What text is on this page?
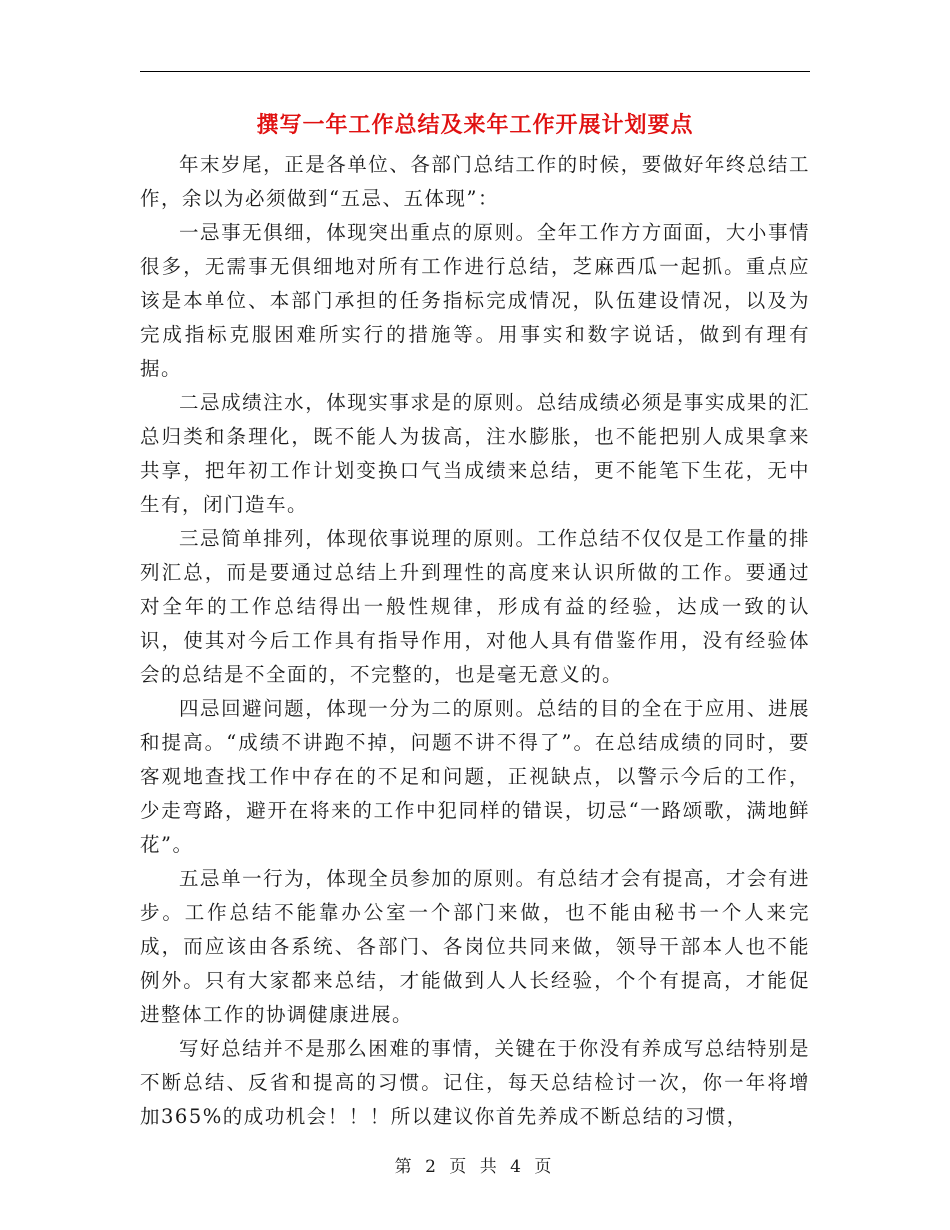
撰写一年工作总结及来年工作开展计划要点

年末岁尾，正是各单位、各部门总结工作的时候，要做好年终总结工作，余以为必须做到“五忌、五体现”：

一忌事无俱细，体现突出重点的原则。全年工作方方面面，大小事情很多，无需事无俱细地对所有工作进行总结，芝麻西瓜一起抓。重点应该是本单位、本部门承担的任务指标完成情况，队伍建设情况，以及为完成指标克服困难所实行的措施等。用事实和数字说话，做到有理有据。

二忌成绩注水，体现实事求是的原则。总结成绩必须是事实成果的汇总归类和条理化，既不能人为拔高，注水膨胀，也不能把别人成果拿来共享，把年初工作计划变换口气当成绩来总结，更不能笔下生花，无中生有，闭门造车。

三忌简单排列，体现依事说理的原则。工作总结不仅仅是工作量的排列汇总，而是要通过总结上升到理性的高度来认识所做的工作。要通过对全年的工作总结得出一般性规律，形成有益的经验，达成一致的认识，使其对今后工作具有指导作用，对他人具有借鉴作用，没有经验体会的总结是不全面的，不完整的，也是毫无意义的。

四忌回避问题，体现一分为二的原则。总结的目的全在于应用、进展和提高。“成绩不讲跑不掉，问题不讲不得了”。在总结成绩的同时，要客观地查找工作中存在的不足和问题，正视缺点，以警示今后的工作，少走弯路，避开在将来的工作中犯同样的错误，切忌“一路颂歌，满地鲜花”。

五忌单一行为，体现全员参加的原则。有总结才会有提高，才会有进步。工作总结不能靠办公室一个部门来做，也不能由秘书一个人来完成，而应该由各系统、各部门、各岗位共同来做，领导干部本人也不能例外。只有大家都来总结，才能做到人人长经验，个个有提高，才能促进整体工作的协调健康进展。

写好总结并不是那么困难的事情，关键在于你没有养成写总结特别是不断总结、反省和提高的习惯。记住，每天总结检讨一次，你一年将增加365%的成功机会！！！所以建议你首先养成不断总结的习惯，

第 2 页 共 4 页
